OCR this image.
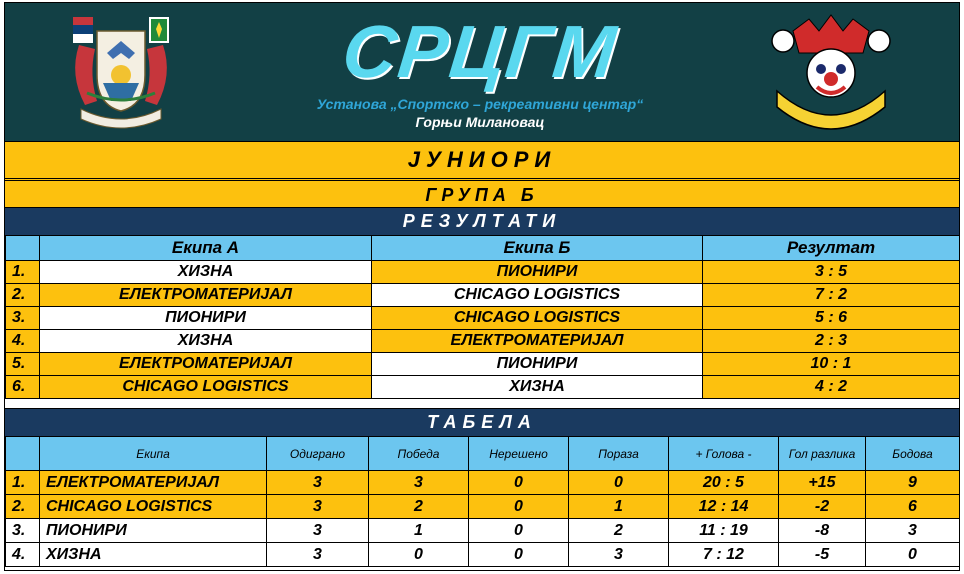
СРЦГМ
Установа „Спортско – рекреативни центар“
Горњи Милановац
ЈУНИОРИ
ГРУПА Б
РЕЗУЛТАТИ
	Екипа А	Екипа Б	Резултат
1.	ХИЗНА	ПИОНИРИ	3 : 5
2.	ЕЛЕКТРОМАТЕРИЈАЛ	CHICAGO LOGISTICS	7 : 2
3.	ПИОНИРИ	CHICAGO LOGISTICS	5 : 6
4.	ХИЗНА	ЕЛЕКТРОМАТЕРИЈАЛ	2 : 3
5.	ЕЛЕКТРОМАТЕРИЈАЛ	ПИОНИРИ	10 : 1
6.	CHICAGO LOGISTICS	ХИЗНА	4 : 2
ТАБЕЛА
	Екипа	Одиграно	Победа	Нерешено	Пораза	+ Голова -	Гол разлика	Бодова
1.	ЕЛЕКТРОМАТЕРИЈАЛ	3	3	0	0	20 : 5	+15	9
2.	CHICAGO LOGISTICS	3	2	0	1	12 : 14	-2	6
3.	ПИОНИРИ	3	1	0	2	11 : 19	-8	3
4.	ХИЗНА	3	0	0	3	7 : 12	-5	0
